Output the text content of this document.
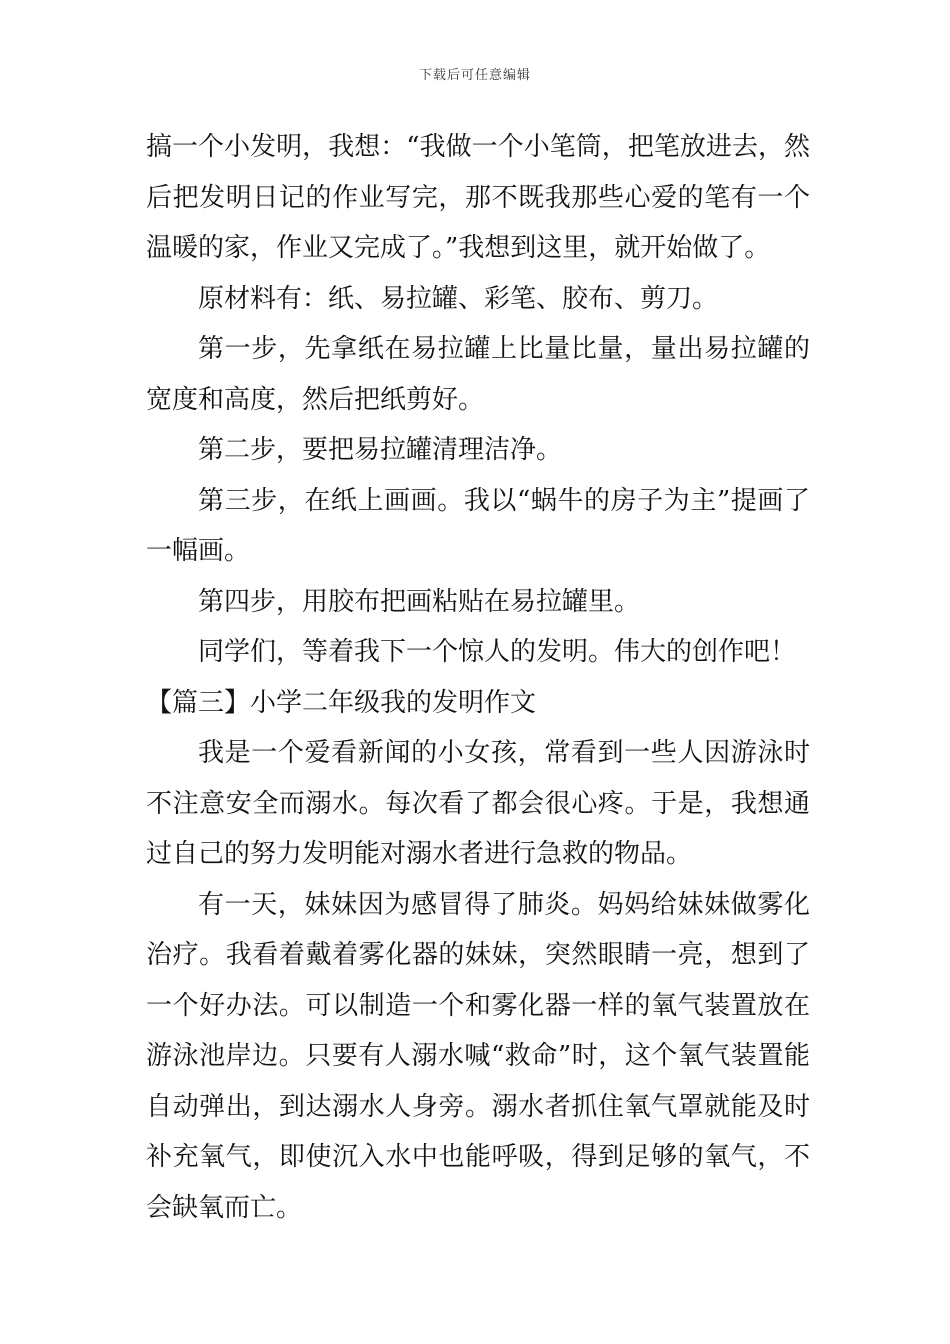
下载后可任意编辑

搞一个小发明，我想：“我做一个小笔筒，把笔放进去，然后把发明日记的作业写完，那不既我那些心爱的笔有一个温暖的家，作业又完成了。”我想到这里，就开始做了。

原材料有：纸、易拉罐、彩笔、胶布、剪刀。

第一步，先拿纸在易拉罐上比量比量，量出易拉罐的宽度和高度，然后把纸剪好。

第二步，要把易拉罐清理洁净。

第三步，在纸上画画。我以“蜗牛的房子为主”提画了一幅画。

第四步，用胶布把画粘贴在易拉罐里。

同学们，等着我下一个惊人的发明。伟大的创作吧！

【篇三】小学二年级我的发明作文

我是一个爱看新闻的小女孩，常看到一些人因游泳时不注意安全而溺水。每次看了都会很心疼。于是，我想通过自己的努力发明能对溺水者进行急救的物品。

有一天，妹妹因为感冒得了肺炎。妈妈给妹妹做雾化治疗。我看着戴着雾化器的妹妹，突然眼睛一亮，想到了一个好办法。可以制造一个和雾化器一样的氧气装置放在游泳池岸边。只要有人溺水喊“救命”时，这个氧气装置能自动弹出，到达溺水人身旁。溺水者抓住氧气罩就能及时补充氧气，即使沉入水中也能呼吸，得到足够的氧气，不会缺氧而亡。
